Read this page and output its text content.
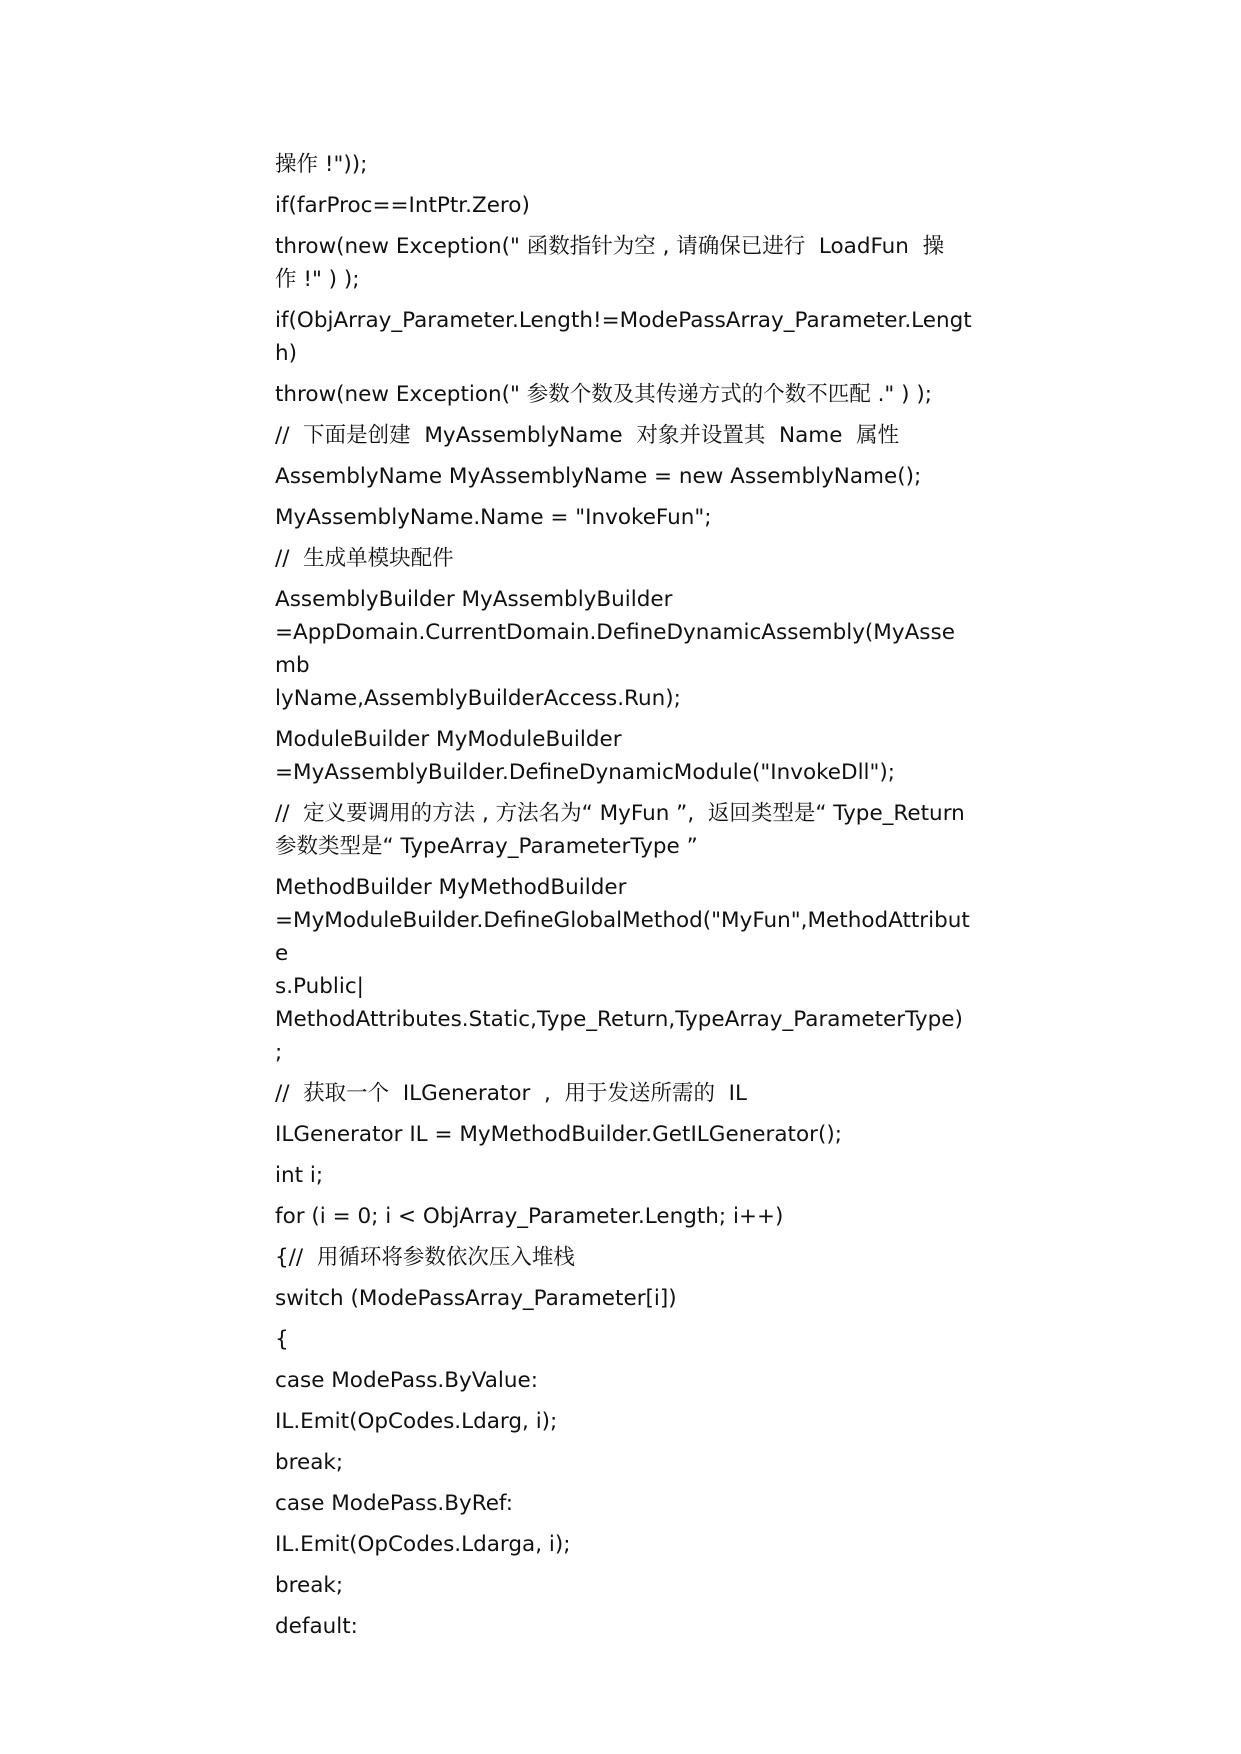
操作 !"));
if(farProc==IntPtr.Zero)
throw(new Exception(" 函数指针为空 , 请确保已进行  LoadFun  操
作 !" ) );
if(ObjArray_Parameter.Length!=ModePassArray_Parameter.Lengt
h)
throw(new Exception(" 参数个数及其传递方式的个数不匹配 ." ) );
//  下面是创建  MyAssemblyName  对象并设置其  Name  属性
AssemblyName MyAssemblyName = new AssemblyName();
MyAssemblyName.Name = "InvokeFun";
//  生成单模块配件
AssemblyBuilder MyAssemblyBuilder
=AppDomain.CurrentDomain.DefineDynamicAssembly(MyAssemb
lyName,AssemblyBuilderAccess.Run);
ModuleBuilder MyModuleBuilder
=MyAssemblyBuilder.DefineDynamicModule("InvokeDll");
//  定义要调用的方法 , 方法名为“ MyFun ”,  返回类型是“ Type_Return
参数类型是“ TypeArray_ParameterType ”
MethodBuilder MyMethodBuilder
=MyModuleBuilder.DefineGlobalMethod("MyFun",MethodAttribute
s.Public|
MethodAttributes.Static,Type_Return,TypeArray_ParameterType)
;
//  获取一个  ILGenerator  ,  用于发送所需的  IL
ILGenerator IL = MyMethodBuilder.GetILGenerator();
int i;
for (i = 0; i < ObjArray_Parameter.Length; i++)
{//  用循环将参数依次压入堆栈
switch (ModePassArray_Parameter[i])
{
case ModePass.ByValue:
IL.Emit(OpCodes.Ldarg, i);
break;
case ModePass.ByRef:
IL.Emit(OpCodes.Ldarga, i);
break;
default:
